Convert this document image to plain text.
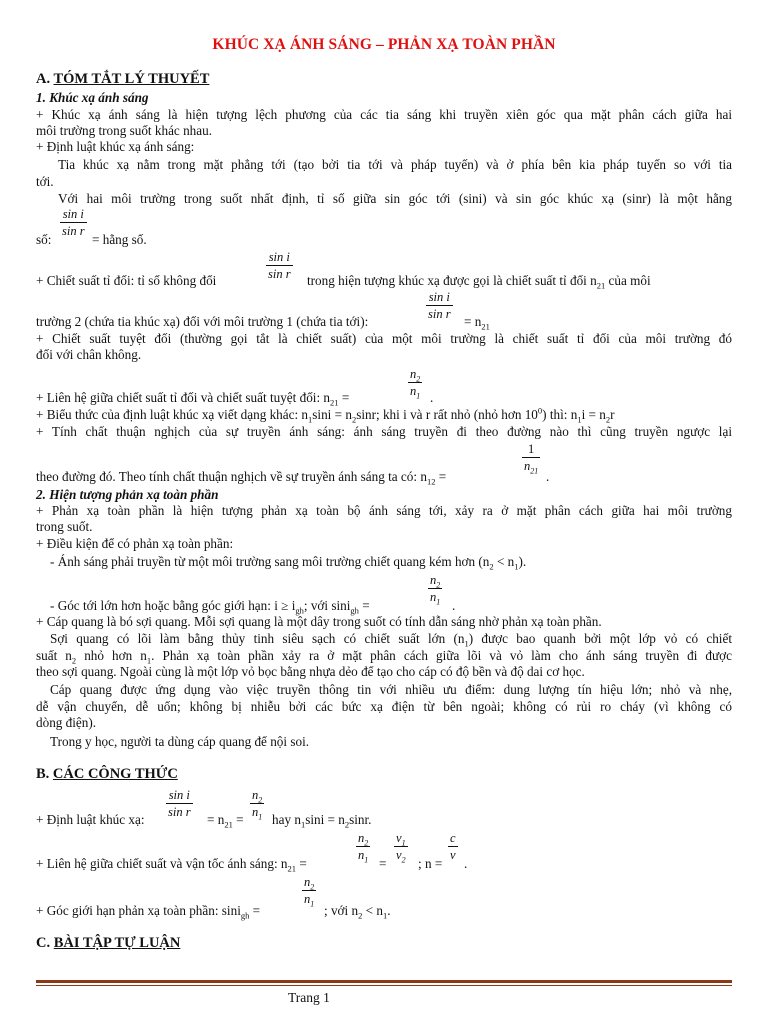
KHÚC XẠ ÁNH SÁNG – PHẢN XẠ TOÀN PHẦN
A. TÓM TẮT LÝ THUYẾT
1. Khúc xạ ánh sáng
+ Khúc xạ ánh sáng là hiện tượng lệch phương của các tia sáng khi truyền xiên góc qua mặt phân cách giữa hai
môi trường trong suốt khác nhau.
+ Định luật khúc xạ ánh sáng:
Tia khúc xạ nằm trong mặt phẳng tới (tạo bởi tia tới và pháp tuyến) và ở phía bên kia pháp tuyến so với tia
tới.
Với hai môi trường trong suốt nhất định, tỉ số giữa sin góc tới (sini) và sin góc khúc xạ (sinr) là một hằng
sin i
sin r
số:	= hằng số.
sin i
sin r
+ Chiết suất tỉ đối: tỉ số không đổi	trong hiện tượng khúc xạ được gọi là chiết suất tỉ đối $n_{21}$ của môi
sin i
sin r
trường 2 (chứa tia khúc xạ) đối với môi trường 1 (chứa tia tới):	= $n_{21}$
+ Chiết suất tuyệt đối (thường gọi tắt là chiết suất) của một môi trường là chiết suất tỉ đối của môi trường đó
đối với chân không.
$n_2$
$n_1$
+ Liên hệ giữa chiết suất tỉ đối và chiết suất tuyệt đối: $n_{21}$ =	.
+ Biểu thức của định luật khúc xạ viết dạng khác: $n_1\sin i = n_2\sin r$; khi i và r rất nhỏ (nhỏ hơn $10^0$) thì: $n_1i = n_2r$
+ Tính chất thuận nghịch của sự truyền ánh sáng: ánh sáng truyền đi theo đường nào thì cũng truyền ngược lại
1
$n_{21}$
theo đường đó. Theo tính chất thuận nghịch về sự truyền ánh sáng ta có: $n_{12}$ =	.
2. Hiện tượng phản xạ toàn phần
+ Phản xạ toàn phần là hiện tượng phản xạ toàn bộ ánh sáng tới, xảy ra ở mặt phân cách giữa hai môi trường
trong suốt.
+ Điều kiện để có phản xạ toàn phần:
- Ánh sáng phải truyền từ một môi trường sang môi trường chiết quang kém hơn $(n_2 < n_1)$.
$n_2$
$n_1$
- Góc tới lớn hơn hoặc bằng góc giới hạn: $i \ge i_{gh}$; với sini$_{gh}$ =	.
+ Cáp quang là bó sợi quang. Mỗi sợi quang là một dây trong suốt có tính dẫn sáng nhờ phản xạ toàn phần.
Sợi quang có lõi làm bằng thủy tinh siêu sạch có chiết suất lớn $(n_1)$ được bao quanh bởi một lớp vỏ có chiết
suất $n_2$ nhỏ hơn $n_1$. Phản xạ toàn phần xảy ra ở mặt phân cách giữa lõi và vỏ làm cho ánh sáng truyền đi được
theo sợi quang. Ngoài cùng là một lớp vỏ bọc bằng nhựa dẻo để tạo cho cáp có độ bền và độ dai cơ học.
Cáp quang được ứng dụng vào việc truyền thông tin với nhiều ưu điểm: dung lượng tín hiệu lớn; nhỏ và nhẹ,
dễ vận chuyển, dễ uốn; không bị nhiễu bởi các bức xạ điện từ bên ngoài; không có rủi ro cháy (vì không có
dòng điện).
Trong y học, người ta dùng cáp quang để nội soi.
B. CÁC CÔNG THỨC
sin i
sin r
$n_2$
$n_1$
+ Định luật khúc xạ:	= $n_{21}$ = hay $n_1\sin i = n_2\sin r$.
$n_2$
$n_1$
$v_1$
$v_2$
c
v
+ Liên hệ giữa chiết suất và vận tốc ánh sáng: $n_{21}$ =	= ; n = .
$n_2$
$n_1$
+ Góc giới hạn phản xạ toàn phần: sini$_{gh}$ =	; với $n_2 < n_1$.
C. BÀI TẬP TỰ LUẬN
Trang 1
